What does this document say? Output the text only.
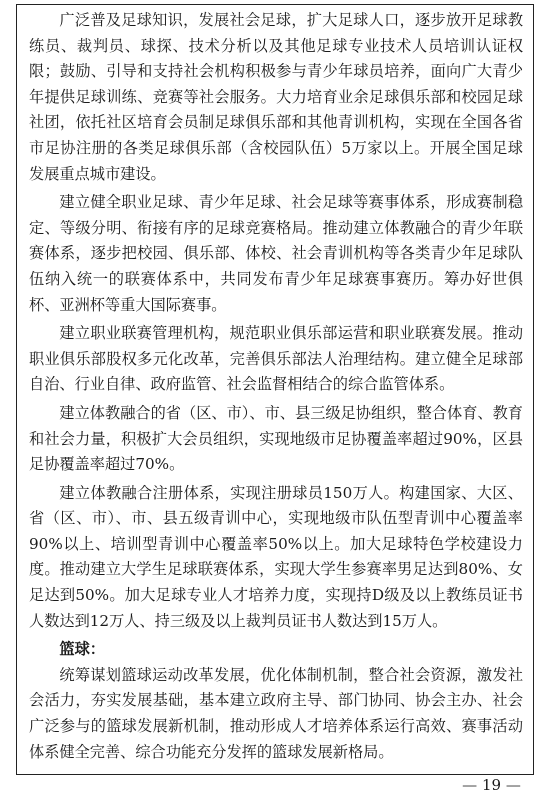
广泛普及足球知识，发展社会足球，扩大足球人口，逐步放开足球教练员、裁判员、球探、技术分析以及其他足球专业技术人员培训认证权限；鼓励、引导和支持社会机构积极参与青少年球员培养，面向广大青少年提供足球训练、竞赛等社会服务。大力培育业余足球俱乐部和校园足球社团，依托社区培育会员制足球俱乐部和其他青训机构，实现在全国各省市足协注册的各类足球俱乐部（含校园队伍）5万家以上。开展全国足球发展重点城市建设。

建立健全职业足球、青少年足球、社会足球等赛事体系，形成赛制稳定、等级分明、衔接有序的足球竞赛格局。推动建立体教融合的青少年联赛体系，逐步把校园、俱乐部、体校、社会青训机构等各类青少年足球队伍纳入统一的联赛体系中，共同发布青少年足球赛事赛历。筹办好世俱杯、亚洲杯等重大国际赛事。

建立职业联赛管理机构，规范职业俱乐部运营和职业联赛发展。推动职业俱乐部股权多元化改革，完善俱乐部法人治理结构。建立健全足球部自治、行业自律、政府监管、社会监督相结合的综合监管体系。

建立体教融合的省（区、市）、市、县三级足协组织，整合体育、教育和社会力量，积极扩大会员组织，实现地级市足协覆盖率超过90%，区县足协覆盖率超过70%。

建立体教融合注册体系，实现注册球员150万人。构建国家、大区、省（区、市）、市、县五级青训中心，实现地级市队伍型青训中心覆盖率90%以上、培训型青训中心覆盖率50%以上。加大足球特色学校建设力度。推动建立大学生足球联赛体系，实现大学生参赛率男足达到80%、女足达到50%。加大足球专业人才培养力度，实现持D级及以上教练员证书人数达到12万人、持三级及以上裁判员证书人数达到15万人。

篮球：

统筹谋划篮球运动改革发展，优化体制机制，整合社会资源，激发社会活力，夯实发展基础，基本建立政府主导、部门协同、协会主办、社会广泛参与的篮球发展新机制，推动形成人才培养体系运行高效、赛事活动体系健全完善、综合功能充分发挥的篮球发展新格局。

— 19 —
